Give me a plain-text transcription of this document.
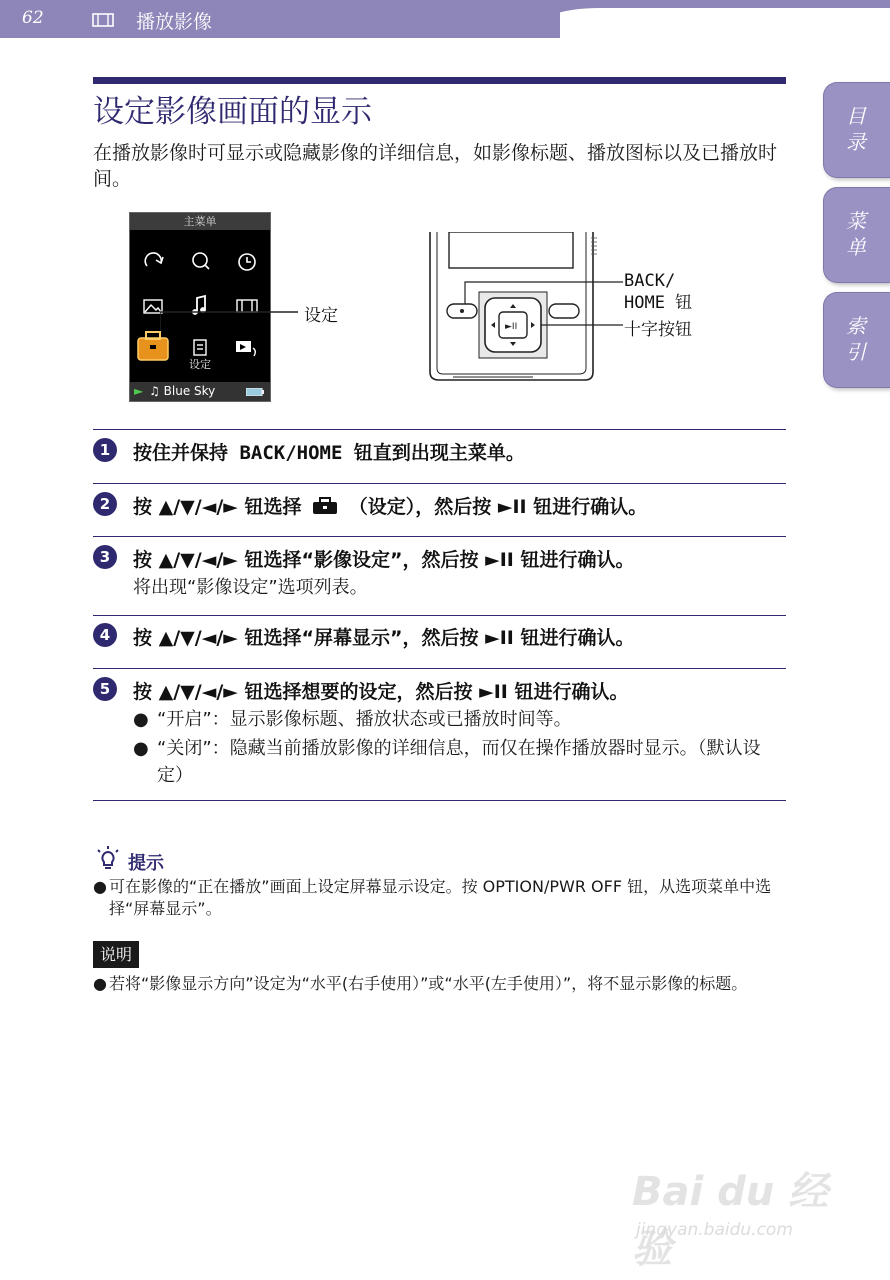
62	播放影像
目录
菜单
索引
设定影像画面的显示
在播放影像时可显示或隐藏影像的详细信息，如影像标题、播放图标以及已播放时间。
主菜单
设定
► ♫ Blue Sky
设定
►II
BACK/
HOME 钮
十字按钮
1	按住并保持 BACK/HOME 钮直到出现主菜单。
2	按 ▲/▼/◄/► 钮选择 （设定），然后按 ►II 钮进行确认。
3	按 ▲/▼/◄/► 钮选择“影像设定”，然后按 ►II 钮进行确认。
将出现“影像设定”选项列表。
4	按 ▲/▼/◄/► 钮选择“屏幕显示”，然后按 ►II 钮进行确认。
5	按 ▲/▼/◄/► 钮选择想要的设定，然后按 ►II 钮进行确认。
● “开启”：显示影像标题、播放状态或已播放时间等。
● “关闭”：隐藏当前播放影像的详细信息，而仅在操作播放器时显示。（默认设定）
提示
● 可在影像的“正在播放”画面上设定屏幕显示设定。按 OPTION/PWR OFF 钮，从选项菜单中选择“屏幕显示”。
说明
● 若将“影像显示方向”设定为“水平(右手使用）”或“水平(左手使用）”，将不显示影像的标题。
Bai du 经验
jingyan.baidu.com
